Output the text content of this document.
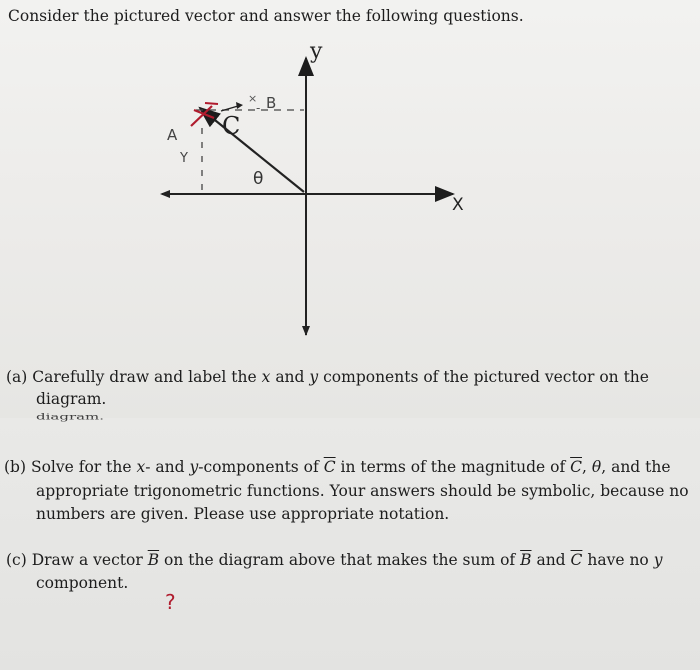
Consider the pictured vector and answer the following questions.
y
X
C
θ
A
B
Y
×
-
(a) Carefully draw and label the x and y components of the pictured vector on the
diagram.
diagram.
(b) Solve for the x- and y-components of $\overline{C}$ in terms of the magnitude of $\overline{C}$, θ, and the
appropriate trigonometric functions. Your answers should be symbolic, because no
numbers are given. Please use appropriate notation.
(c) Draw a vector $\overline{B}$ on the diagram above that makes the sum of $\overline{B}$ and $\overline{C}$ have no y
component.
?
